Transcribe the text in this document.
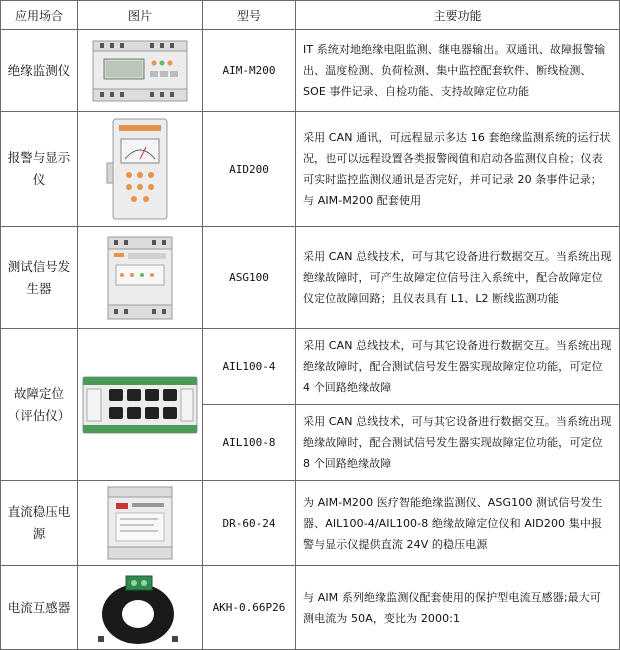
应用场合	图片	型号	主要功能
绝缘监测仪		AIM-M200	IT 系统对地绝缘电阻监测、继电器输出。双通讯、故障报警输出、温度检测、负荷检测、集中监控配套软件、断线检测、SOE 事件记录、自检功能、支持故障定位功能
报警与显示仪		AID200	采用 CAN 通讯，可远程显示多达 16 套绝缘监测系统的运行状况，也可以远程设置各类报警阀值和启动各监测仪自检；仪表可实时监控监测仪通讯是否完好，并可记录 20 条事件记录；与 AIM-M200 配套使用
测试信号发生器		ASG100	采用 CAN 总线技术，可与其它设备进行数据交互。当系统出现绝缘故障时，可产生故障定位信号注入系统中，配合故障定位仪定位故障回路；且仪表具有 L1、L2 断线监测功能
故障定位（评估仪）		AIL100-4	采用 CAN 总线技术，可与其它设备进行数据交互。当系统出现绝缘故障时，配合测试信号发生器实现故障定位功能，可定位 4 个回路绝缘故障
		AIL100-8	采用 CAN 总线技术，可与其它设备进行数据交互。当系统出现绝缘故障时，配合测试信号发生器实现故障定位功能，可定位 8 个回路绝缘故障
直流稳压电源		DR-60-24	为 AIM-M200 医疗智能绝缘监测仪、ASG100 测试信号发生器、AIL100-4/AIL100-8 绝缘故障定位仪和 AID200 集中报警与显示仪提供直流 24V 的稳压电源
电流互感器		AKH-0.66P26	与 AIM 系列绝缘监测仪配套使用的保护型电流互感器;最大可测电流为 50A，变比为 2000:1
